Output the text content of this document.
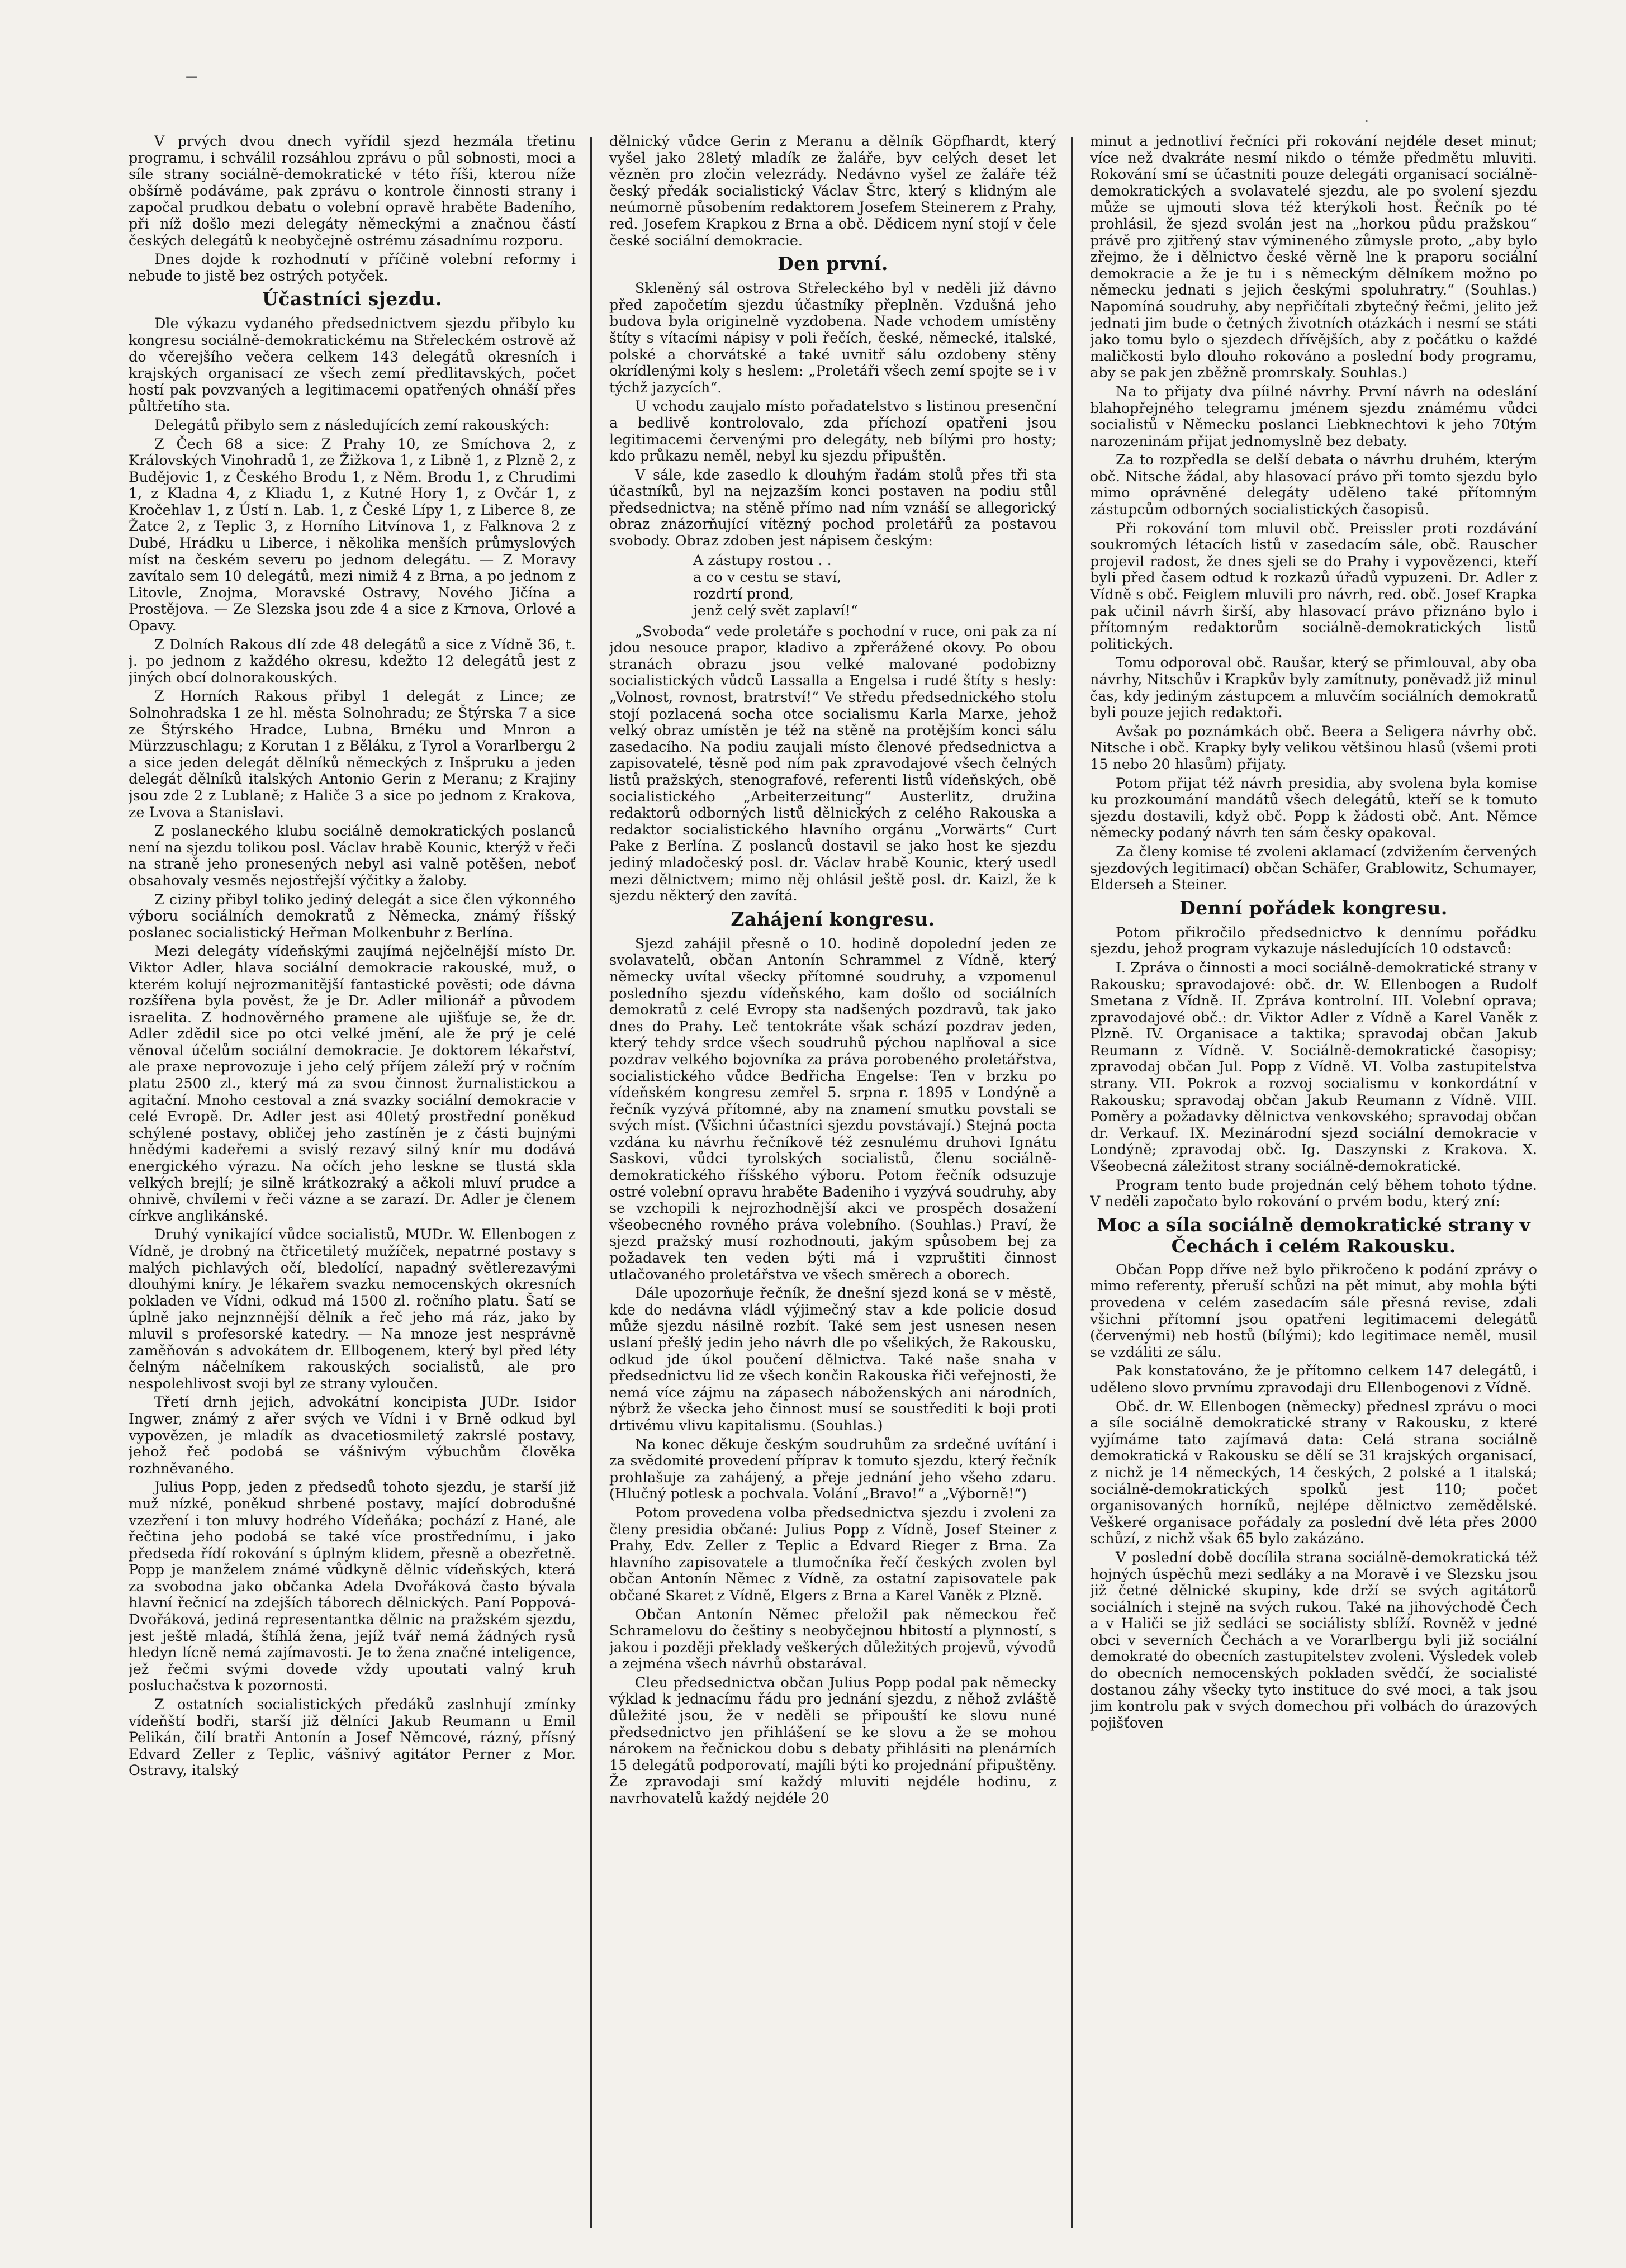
−
·

V prvých dvou dnech vyřídil sjezd hezmála třetinu programu, i schválil rozsáhlou zprávu o půl sobnosti, moci a síle strany sociálně-demokratické v této říši, kterou níže obšírně podáváme, pak zprávu o kontrole činnosti strany i započal prudkou debatu o volební opravě hraběte Badeního, při níž došlo mezi delegáty německými a značnou částí českých delegátů k neobyčejně ostrému zásadnímu rozporu.

Dnes dojde k rozhodnutí v příčině volební reformy i nebude to jistě bez ostrých potyček.

Účastníci sjezdu.

Dle výkazu vydaného předsednictvem sjezdu přibylo ku kongresu sociálně-demokratickému na Střeleckém ostrově až do včerejšího večera celkem 143 delegátů okresních i krajských organisací ze všech zemí předlitavských, počet hostí pak povzvaných a legitimacemi opatřených ohnáší přes půltřetího sta.

Delegátů přibylo sem z následujících zemí rakouských:

Z Čech 68 a sice: Z Prahy 10, ze Smíchova 2, z Královských Vinohradů 1, ze Žižkova 1, z Libně 1, z Plzně 2, z Budějovic 1, z Českého Brodu 1, z Něm. Brodu 1, z Chrudimi 1, z Kladna 4, z Kliadu 1, z Kutné Hory 1, z Ovčár 1, z Kročehlav 1, z Ústí n. Lab. 1, z České Lípy 1, z Liberce 8, ze Žatce 2, z Teplic 3, z Horního Litvínova 1, z Falknova 2 z Dubé, Hrádku u Liberce, i několika menších průmyslových míst na českém severu po jednom delegátu. — Z Moravy zavítalo sem 10 delegátů, mezi nimiž 4 z Brna, a po jednom z Litovle, Znojma, Moravské Ostravy, Nového Jičína a Prostějova. — Ze Slezska jsou zde 4 a sice z Krnova, Orlové a Opavy.

Z Dolních Rakous dlí zde 48 delegátů a sice z Vídně 36, t. j. po jednom z každého okresu, kdežto 12 delegátů jest z jiných obcí dolnorakouských.

Z Horních Rakous přibyl 1 delegát z Lince; ze Solnohradska 1 ze hl. města Solnohradu; ze Štýrska 7 a sice ze Štýrského Hradce, Lubna, Brnéku und Mnron a Mürzzuschlagu; z Korutan 1 z Běláku, z Tyrol a Vorarlbergu 2 a sice jeden delegát dělníků německých z Inšpruku a jeden delegát dělníků italských Antonio Gerin z Meranu; z Krajiny jsou zde 2 z Lublaně; z Haliče 3 a sice po jednom z Krakova, ze Lvova a Stanislavi.

Z poslaneckého klubu sociálně demokratických poslanců není na sjezdu tolikou posl. Václav hrabě Kounic, kterýž v řeči na straně jeho pronesených nebyl asi valně potěšen, neboť obsahovaly vesměs nejostřejší výčitky a žaloby.

Z ciziny přibyl toliko jediný delegát a sice člen výkonného výboru sociálních demokratů z Německa, známý říšský poslanec socialistický Heřman Molkenbuhr z Berlína.

Mezi delegáty vídeňskými zaujímá nejčelnější místo Dr. Viktor Adler, hlava sociální demokracie rakouské, muž, o kterém kolují nejrozmanitější fantastické pověsti; ode dávna rozšířena byla pověst, že je Dr. Adler milionář a původem israelita. Z hodnověrného pramene ale ujišťuje se, že dr. Adler zdědil sice po otci velké jmění, ale že prý je celé věnoval účelům sociální demokracie. Je doktorem lékařství, ale praxe neprovozuje i jeho celý příjem záleží prý v ročním platu 2500 zl., který má za svou činnost žurnalistickou a agitační. Mnoho cestoval a zná svazky sociální demokracie v celé Evropě. Dr. Adler jest asi 40letý prostřední poněkud schýlené postavy, obličej jeho zastíněn je z části bujnými hnědými kadeřemi a svislý rezavý silný knír mu dodává energického výrazu. Na očích jeho leskne se tlustá skla velkých brejlí; je silně krátkozraký a ačkoli mluví prudce a ohnivě, chvílemi v řeči vázne a se zarazí. Dr. Adler je členem církve anglikánské.

Druhý vynikající vůdce socialistů, MUDr. W. Ellenbogen z Vídně, je drobný na čtřicetiletý mužíček, nepatrné postavy s malých pichlavých očí, bledolící, napadný světlerezavými dlouhými kníry. Je lékařem svazku nemocenských okresních pokladen ve Vídni, odkud má 1500 zl. ročního platu. Šatí se úplně jako nejnznnější dělník a řeč jeho má ráz, jako by mluvil s profesorské katedry. — Na mnoze jest nesprávně zaměňován s advokátem dr. Ellbogenem, který byl před léty čelným náčelníkem rakouských socialistů, ale pro nespolehlivost svoji byl ze strany vyloučen.

Třetí drnh jejich, advokátní koncipista JUDr. Isidor Ingwer, známý z ařer svých ve Vídni i v Brně odkud byl vypovězen, je mladík as dvacetiosmiletý zakrslé postavy, jehož řeč podobá se vášnivým výbuchům člověka rozhněvaného.

Julius Popp, jeden z předsedů tohoto sjezdu, je starší již muž nízké, poněkud shrbené postavy, mající dobrodušné vzezření i ton mluvy hodrého Vídeňáka; pochází z Hané, ale řečtina jeho podobá se také více prostřednímu, i jako předseda řídí rokování s úplným klidem, přesně a obezřetně. Popp je manželem známé vůdkyně dělnic vídeňských, která za svobodna jako občanka Adela Dvořáková často bývala hlavní řečnicí na zdejších táborech dělnických. Paní Poppová-Dvořáková, jediná representantka dělnic na pražském sjezdu, jest ještě mladá, štíhlá žena, jejíž tvář nemá žádných rysů hledyn lícně nemá zajímavosti. Je to žena značné inteligence, jež řečmi svými dovede vždy upoutati valný kruh posluchačstva k pozornosti.

Z ostatních socialistických předáků zaslnhují zmínky vídeňští bodři, starší již dělníci Jakub Reumann u Emil Pelikán, čilí bratři Antonín a Josef Němcové, rázný, přísný Edvard Zeller z Teplic, vášnivý agitátor Perner z Mor. Ostravy, italský

dělnický vůdce Gerin z Meranu a dělník Göpfhardt, který vyšel jako 28letý mladík ze žaláře, byv celých deset let vězněn pro zločin velezrády. Nedávno vyšel ze žaláře též český předák socialistický Václav Štrc, který s klidným ale neúmorně působením redaktorem Josefem Steinerem z Prahy, red. Josefem Krapkou z Brna a obč. Dědicem nyní stojí v čele české sociální demokracie.

Den první.

Skleněný sál ostrova Střeleckého byl v neděli již dávno před započetím sjezdu účastníky přeplněn. Vzdušná jeho budova byla originelně vyzdobena. Nade vchodem umístěny štíty s vítacími nápisy v poli řečích, české, německé, italské, polské a chorvátské a také uvnitř sálu ozdobeny stěny okrídlenými koly s heslem: „Proletáři všech zemí spojte se i v týchž jazycích“.

U vchodu zaujalo místo pořadatelstvo s listinou presenční a bedlivě kontrolovalo, zda příchozí opatřeni jsou legitimacemi červenými pro delegáty, neb bílými pro hosty; kdo průkazu neměl, nebyl ku sjezdu připuštěn.

V sále, kde zasedlo k dlouhým řadám stolů přes tři sta účastníků, byl na nejzazším konci postaven na podiu stůl předsednictva; na stěně přímo nad ním vznáší se allegorický obraz znázorňující vítězný pochod proletářů za postavou svobody. Obraz zdoben jest nápisem českým:

A zástupy rostou . .
a co v cestu se staví,
rozdrtí prond,
jenž celý svět zaplaví!“

„Svoboda“ vede proletáře s pochodní v ruce, oni pak za ní jdou nesouce prapor, kladivo a zpřerážené okovy. Po obou stranách obrazu jsou velké malované podobizny socialistických vůdců Lassalla a Engelsa i rudé štíty s hesly: „Volnost, rovnost, bratrství!“ Ve středu předsednického stolu stojí pozlacená socha otce socialismu Karla Marxe, jehož velký obraz umístěn je též na stěně na protějším konci sálu zasedacího. Na podiu zaujali místo členové předsednictva a zapisovatelé, těsně pod ním pak zpravodajové všech čelných listů pražských, stenografové, referenti listů vídeňských, obě socialistického „Arbeiterzeitung“ Austerlitz, družina redaktorů odborných listů dělnických z celého Rakouska a redaktor socialistického hlavního orgánu „Vorwärts“ Curt Pake z Berlína. Z poslanců dostavil se jako host ke sjezdu jediný mladočeský posl. dr. Václav hrabě Kounic, který usedl mezi dělnictvem; mimo něj ohlásil ještě posl. dr. Kaizl, že k sjezdu některý den zavítá.

Zahájení kongresu.

Sjezd zahájil přesně o 10. hodině dopolední jeden ze svolavatelů, občan Antonín Schrammel z Vídně, který německy uvítal všecky přítomné soudruhy, a vzpomenul posledního sjezdu vídeňského, kam došlo od sociálních demokratů z celé Evropy sta nadšených pozdravů, tak jako dnes do Prahy. Leč tentokráte však schází pozdrav jeden, který tehdy srdce všech soudruhů pýchou naplňoval a sice pozdrav velkého bojovníka za práva porobeného proletářstva, socialistického vůdce Bedřicha Engelse: Ten v brzku po vídeňském kongresu zemřel 5. srpna r. 1895 v Londýně a řečník vyzývá přítomné, aby na znamení smutku povstali se svých míst. (Všichni účastníci sjezdu povstávají.) Stejná pocta vzdána ku návrhu řečníkově též zesnulému druhovi Ignátu Saskovi, vůdci tyrolských socialistů, členu sociálně-demokratického říšského výboru. Potom řečník odsuzuje ostré volební opravu hraběte Badeniho i vyzývá soudruhy, aby se vzchopili k nejrozhodnější akci ve prospěch dosažení všeobecného rovného práva volebního. (Souhlas.) Praví, že sjezd pražský musí rozhodnouti, jakým spůsobem bej za požadavek ten veden býti má i vzpruštiti činnost utlačovaného proletářstva ve všech směrech a oborech.

Dále upozorňuje řečník, že dnešní sjezd koná se v městě, kde do nedávna vládl výjimečný stav a kde policie dosud může sjezdu násilně rozbít. Také sem jest usnesen nesen uslaní přešlý jedin jeho návrh dle po všelikých, že Rakousku, odkud jde úkol poučení dělnictva. Také naše snaha v předsednictvu lid ze všech končin Rakouska řiči veřejnosti, že nemá více zájmu na zápasech náboženských ani národních, nýbrž že všecka jeho činnost musí se soustřediti k boji proti drtivému vlivu kapitalismu. (Souhlas.)

Na konec děkuje českým soudruhům za srdečné uvítání i za svědomité provedení příprav k tomuto sjezdu, který řečník prohlašuje za zahájený, a přeje jednání jeho všeho zdaru. (Hlučný potlesk a pochvala. Volání „Bravo!“ a „Výborně!“)

Potom provedena volba předsednictva sjezdu i zvoleni za členy presidia občané: Julius Popp z Vídně, Josef Steiner z Prahy, Edv. Zeller z Teplic a Edvard Rieger z Brna. Za hlavního zapisovatele a tlumočníka řečí českých zvolen byl občan Antonín Němec z Vídně, za ostatní zapisovatele pak občané Skaret z Vídně, Elgers z Brna a Karel Vaněk z Plzně.

Občan Antonín Němec přeložil pak německou řeč Schramelovu do češtiny s neobyčejnou hbitostí a plynností, s jakou i později překlady veškerých důležitých projevů, vývodů a zejména všech návrhů obstarával.

Cleu předsednictva občan Julius Popp podal pak německy výklad k jednacímu řádu pro jednání sjezdu, z něhož zvláště důležité jsou, že v neděli se připouští ke slovu nuné předsednictvo jen přihlášení se ke slovu a že se mohou nárokem na řečnickou dobu s debaty přihlásiti na plenárních 15 delegátů podporovatí, majíli býti ko projednání připuštěny. Že zpravodaji smí každý mluviti nejdéle hodinu, z navrhovatelů každý nejdéle 20

minut a jednotliví řečníci při rokování nejdéle deset minut; více než dvakráte nesmí nikdo o témže předmětu mluviti. Rokování smí se účastniti pouze delegáti organisací sociálně-demokratických a svolavatelé sjezdu, ale po svolení sjezdu může se ujmouti slova též kterýkoli host. Řečník po té prohlásil, že sjezd svolán jest na „horkou půdu pražskou“ právě pro zjitřený stav výmineného zůmysle proto, „aby bylo zřejmo, že i dělnictvo české věrně lne k praporu sociální demokracie a že je tu i s německým dělníkem možno po německu jednati s jejich českými spoluhratry.“ (Souhlas.) Napomíná soudruhy, aby nepřičítali zbytečný řečmi, jelito jež jednati jim bude o četných životních otázkách i nesmí se státi jako tomu bylo o sjezdech dřívějších, aby z počátku o každé maličkosti bylo dlouho rokováno a poslední body programu, aby se pak jen zběžně promrskaly. Souhlas.)

Na to přijaty dva píilné návrhy. První návrh na odeslání blahopřejného telegramu jménem sjezdu známému vůdci socialistů v Německu poslanci Liebknechtovi k jeho 70tým narozeninám přijat jednomyslně bez debaty.

Za to rozpředla se delší debata o návrhu druhém, kterým obč. Nitsche žádal, aby hlasovací právo při tomto sjezdu bylo mimo oprávněné delegáty uděleno také přítomným zástupcům odborných socialistických časopisů.

Při rokování tom mluvil obč. Preissler proti rozdávání soukromých létacích listů v zasedacím sále, obč. Rauscher projevil radost, že dnes sjeli se do Prahy i vypovězenci, kteří byli před časem odtud k rozkazů úřadů vypuzeni. Dr. Adler z Vídně s obč. Feiglem mluvili pro návrh, red. obč. Josef Krapka pak učinil návrh širší, aby hlasovací právo přiznáno bylo i přítomným redaktorům sociálně-demokratických listů politických.

Tomu odporoval obč. Raušar, který se přimlouval, aby oba návrhy, Nitschův i Krapkův byly zamítnuty, poněvadž již minul čas, kdy jediným zástupcem a mluvčím sociálních demokratů byli pouze jejich redaktoři.

Avšak po poznámkách obč. Beera a Seligera návrhy obč. Nitsche i obč. Krapky byly velikou většinou hlasů (všemi proti 15 nebo 20 hlasům) přijaty.

Potom přijat též návrh presidia, aby svolena byla komise ku prozkoumání mandátů všech delegátů, kteří se k tomuto sjezdu dostavili, když obč. Popp k žádosti obč. Ant. Němce německy podaný návrh ten sám česky opakoval.

Za členy komise té zvoleni aklamací (zdvižením červených sjezdových legitimací) občan Schäfer, Grablowitz, Schumayer, Elderseh a Steiner.

Denní pořádek kongresu.

Potom přikročilo předsednictvo k dennímu pořádku sjezdu, jehož program vykazuje následujících 10 odstavců:

I. Zpráva o činnosti a moci sociálně-demokratické strany v Rakousku; spravodajové: obč. dr. W. Ellenbogen a Rudolf Smetana z Vídně. II. Zpráva kontrolní. III. Volební oprava; zpravodajové obč.: dr. Viktor Adler z Vídně a Karel Vaněk z Plzně. IV. Organisace a taktika; spravodaj občan Jakub Reumann z Vídně. V. Sociálně-demokratické časopisy; zpravodaj občan Jul. Popp z Vídně. VI. Volba zastupitelstva strany. VII. Pokrok a rozvoj socialismu v konkordátní v Rakousku; spravodaj občan Jakub Reumann z Vídně. VIII. Poměry a požadavky dělnictva venkovského; spravodaj občan dr. Verkauf. IX. Mezinárodní sjezd sociální demokracie v Londýně; zpravodaj obč. Ig. Daszynski z Krakova. X. Všeobecná záležitost strany sociálně-demokratické.

Program tento bude projednán celý během tohoto týdne. V neděli započato bylo rokování o prvém bodu, který zní:

Moc a síla sociálně demokratické strany v Čechách i celém Rakousku.

Občan Popp dříve než bylo přikročeno k podání zprávy o mimo referenty, přeruší schůzi na pět minut, aby mohla býti provedena v celém zasedacím sále přesná revise, zdali všichni přítomní jsou opatřeni legitimacemi delegátů (červenými) neb hostů (bílými); kdo legitimace neměl, musil se vzdáliti ze sálu.

Pak konstatováno, že je přítomno celkem 147 delegátů, i uděleno slovo prvnímu zpravodaji dru Ellenbogenovi z Vídně.

Obč. dr. W. Ellenbogen (německy) přednesl zprávu o moci a síle sociálně demokratické strany v Rakousku, z které vyjímáme tato zajímavá data: Celá strana sociálně demokratická v Rakousku se dělí se 31 krajských organisací, z nichž je 14 německých, 14 českých, 2 polské a 1 italská; sociálně-demokratických spolků jest 110; počet organisovaných horníků, nejlépe dělnictvo zemědělské. Veškeré organisace pořádaly za poslední dvě léta přes 2000 schůzí, z nichž však 65 bylo zakázáno.

V poslední době docílila strana sociálně-demokratická též hojných úspěchů mezi sedláky a na Moravě i ve Slezsku jsou již četné dělnické skupiny, kde drží se svých agitátorů sociálních i stejně na svých rukou. Také na jihovýchodě Čech a v Haliči se již sedláci se sociálisty sblíží. Rovněž v jedné obci v severních Čechách a ve Vorarlbergu byli již sociální demokraté do obecních zastupitelstev zvoleni. Výsledek voleb do obecních nemocenských pokladen svědčí, že socialisté dostanou záhy všecky tyto instituce do své moci, a tak jsou jim kontrolu pak v svých domechou při volbách do úrazových pojišťoven
